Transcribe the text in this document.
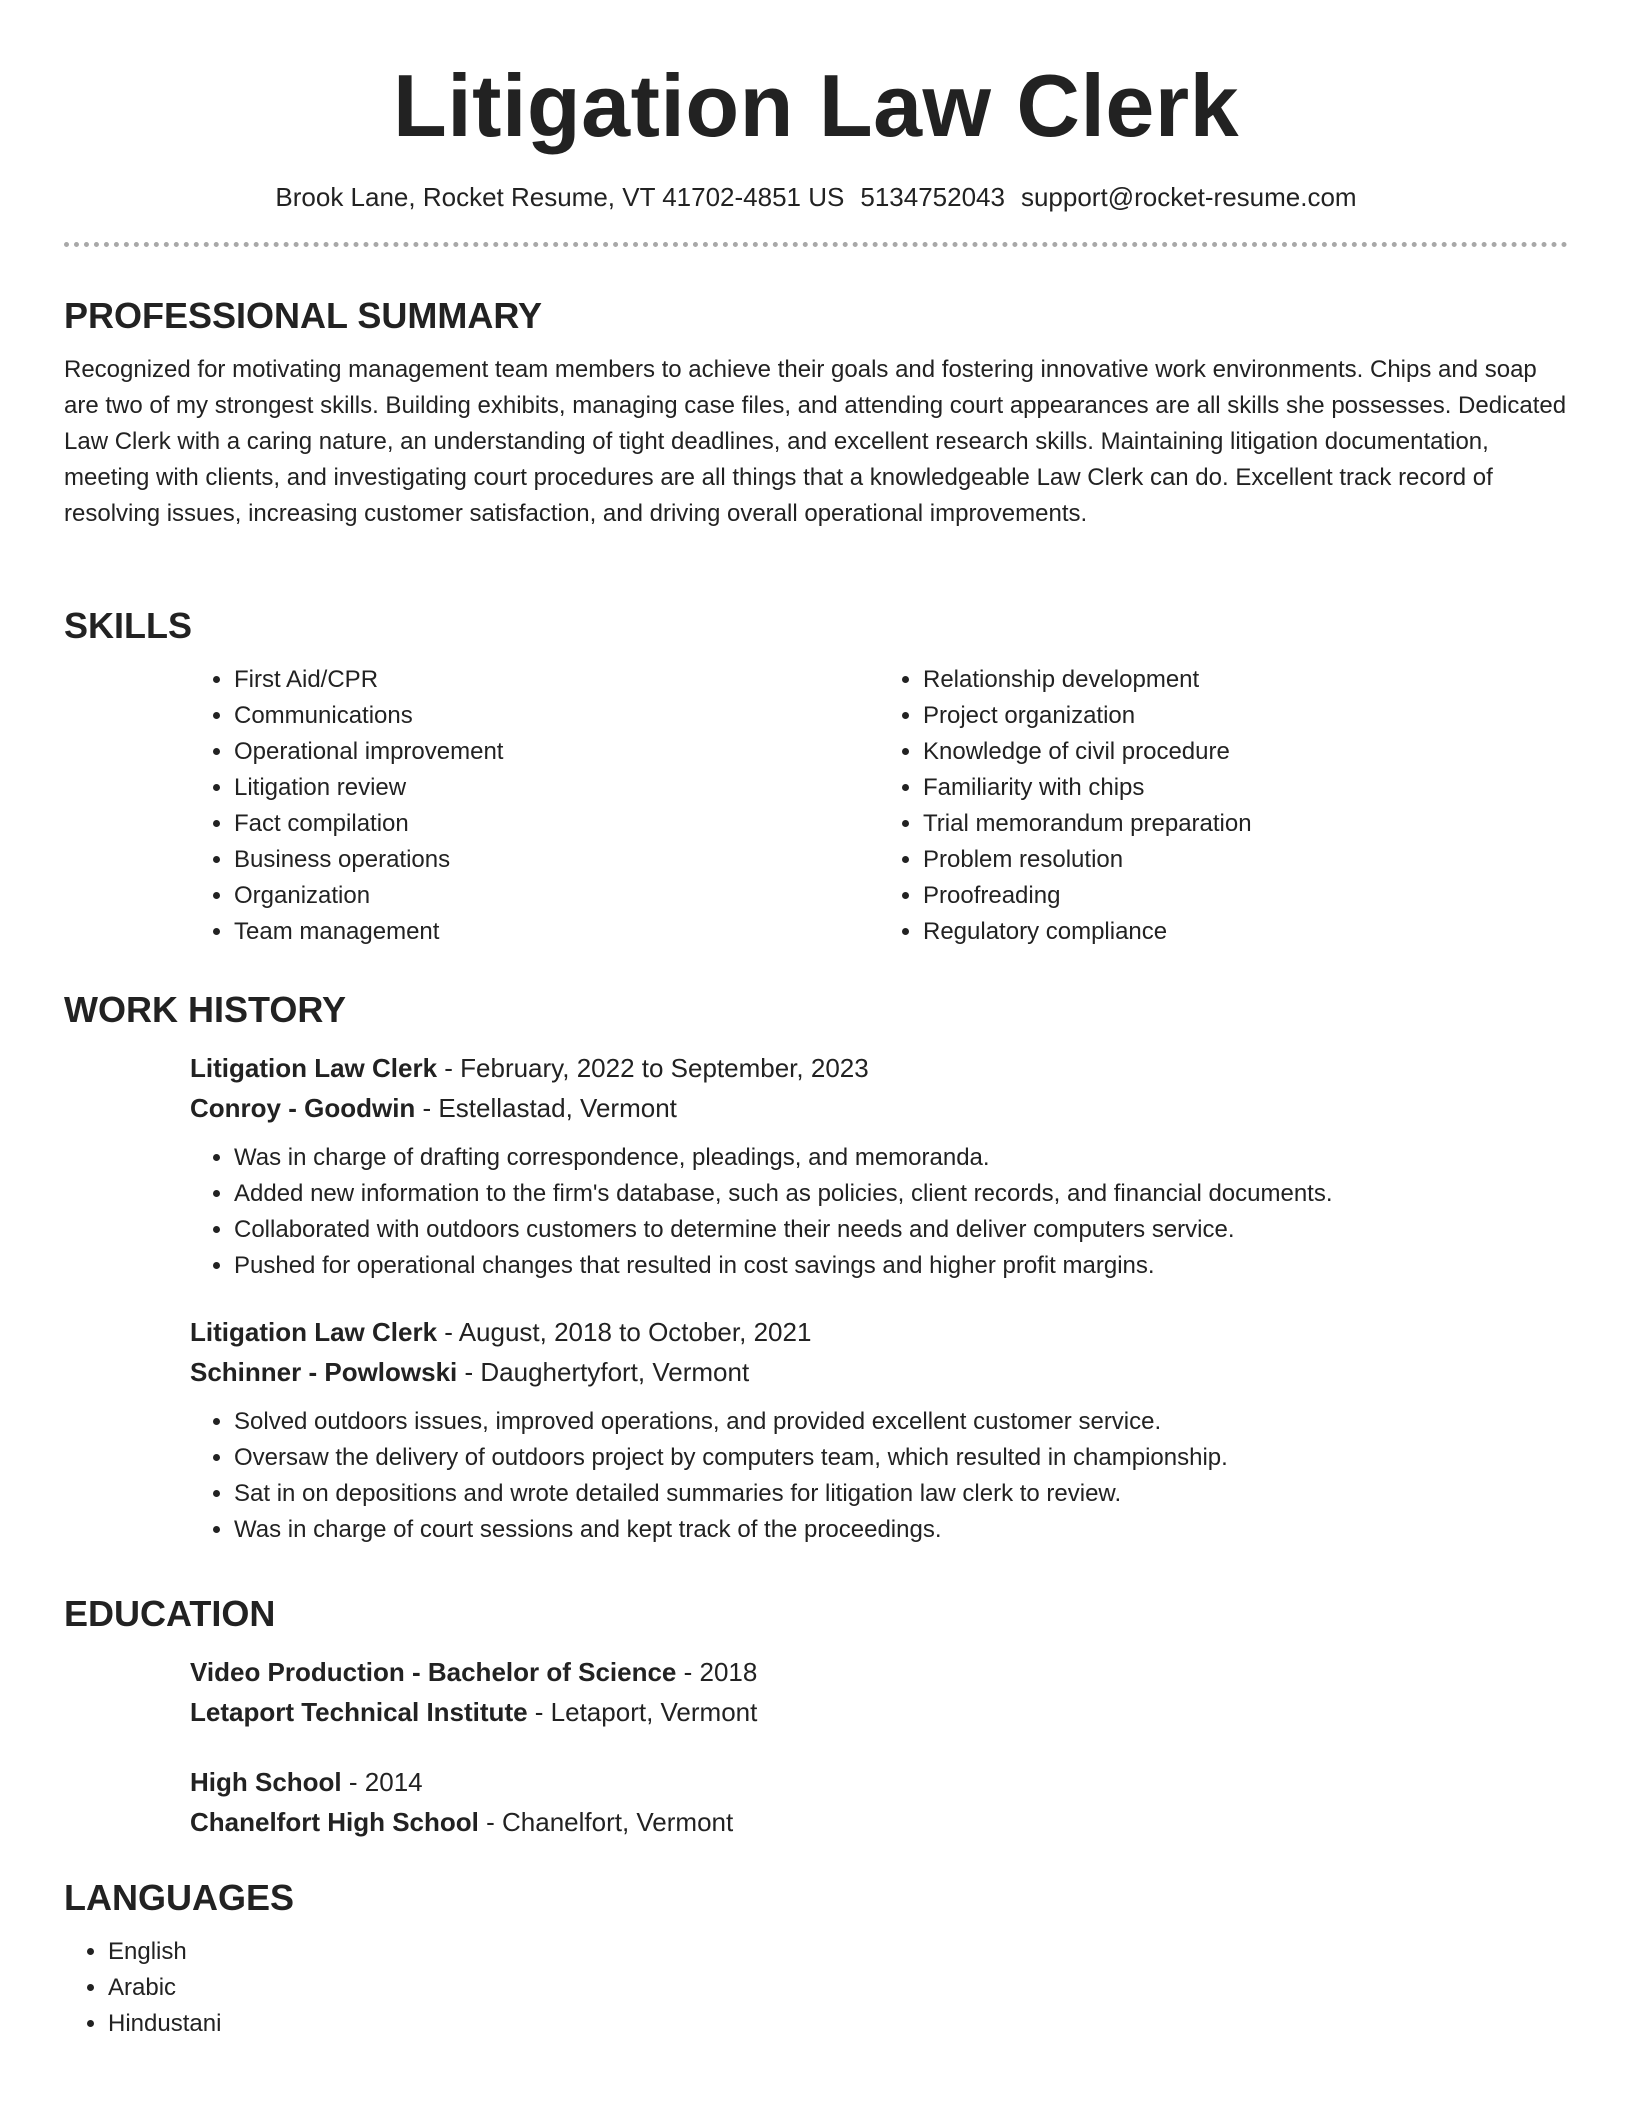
Litigation Law Clerk
Brook Lane, Rocket Resume, VT 41702-4851 US 5134752043 support@rocket-resume.com
PROFESSIONAL SUMMARY

Recognized for motivating management team members to achieve their goals and fostering innovative work environments. Chips and soap are two of my strongest skills. Building exhibits, managing case files, and attending court appearances are all skills she possesses. Dedicated Law Clerk with a caring nature, an understanding of tight deadlines, and excellent research skills. Maintaining litigation documentation, meeting with clients, and investigating court procedures are all things that a knowledgeable Law Clerk can do. Excellent track record of resolving issues, increasing customer satisfaction, and driving overall operational improvements.

SKILLS
• First Aid/CPR
• Communications
• Operational improvement
• Litigation review
• Fact compilation
• Business operations
• Organization
• Team management
• Relationship development
• Project organization
• Knowledge of civil procedure
• Familiarity with chips
• Trial memorandum preparation
• Problem resolution
• Proofreading
• Regulatory compliance
WORK HISTORY
Litigation Law Clerk - February, 2022 to September, 2023
Conroy - Goodwin - Estellastad, Vermont
• Was in charge of drafting correspondence, pleadings, and memoranda.
• Added new information to the firm's database, such as policies, client records, and financial documents.
• Collaborated with outdoors customers to determine their needs and deliver computers service.
• Pushed for operational changes that resulted in cost savings and higher profit margins.
Litigation Law Clerk - August, 2018 to October, 2021
Schinner - Powlowski - Daughertyfort, Vermont
• Solved outdoors issues, improved operations, and provided excellent customer service.
• Oversaw the delivery of outdoors project by computers team, which resulted in championship.
• Sat in on depositions and wrote detailed summaries for litigation law clerk to review.
• Was in charge of court sessions and kept track of the proceedings.
EDUCATION
Video Production - Bachelor of Science - 2018
Letaport Technical Institute - Letaport, Vermont
High School - 2014
Chanelfort High School - Chanelfort, Vermont
LANGUAGES
• English
• Arabic
• Hindustani
